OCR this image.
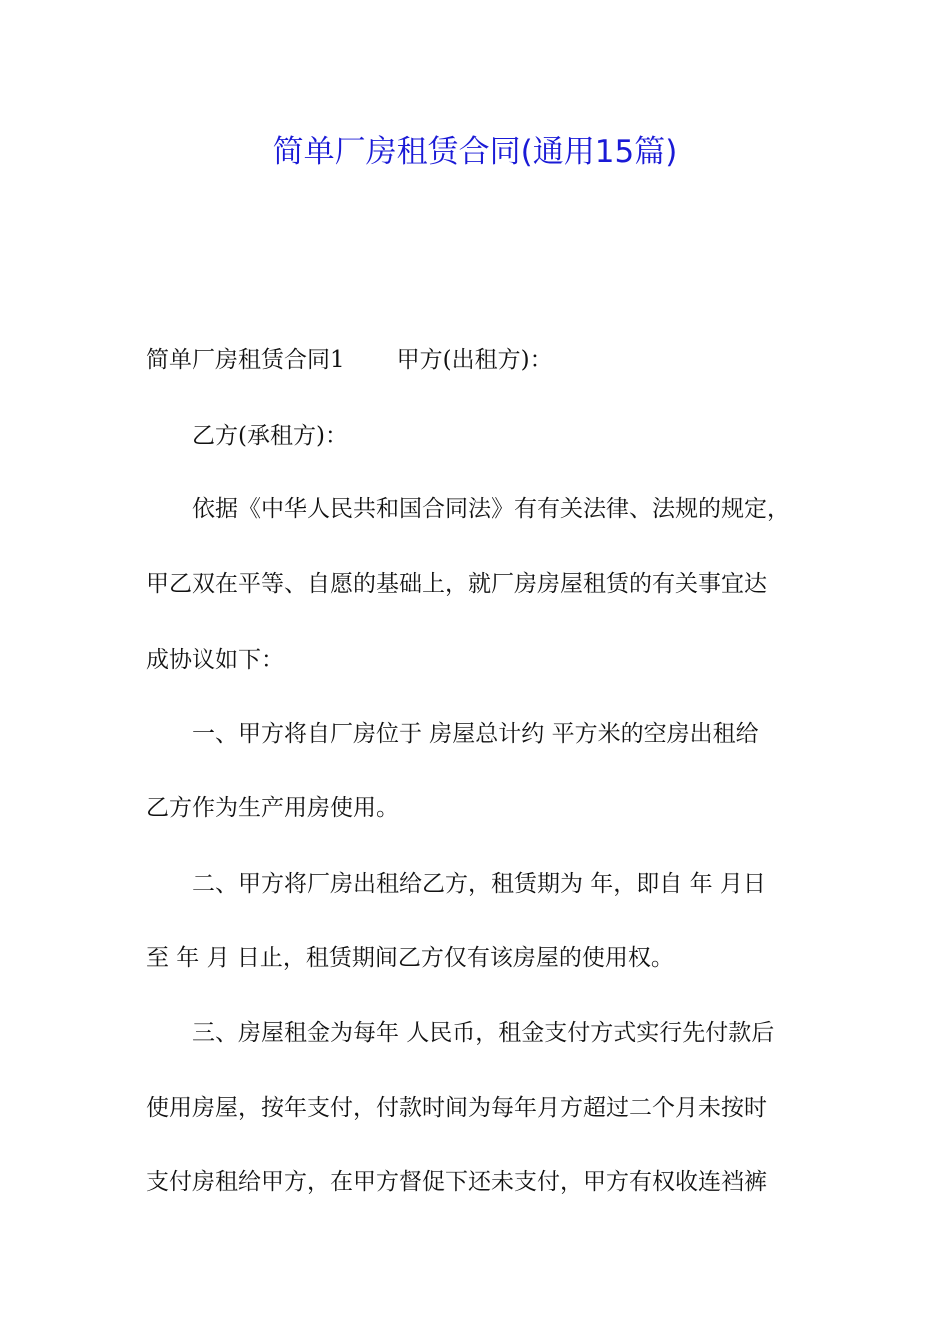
简单厂房租赁合同(通用15篇)
简单厂房租赁合同1 甲方(出租方)：
乙方(承租方)：
依据《中华人民共和国合同法》有有关法律、法规的规定，
甲乙双在平等、自愿的基础上，就厂房房屋租赁的有关事宜达
成协议如下：
一、甲方将自厂房位于 房屋总计约 平方米的空房出租给
乙方作为生产用房使用。
二、甲方将厂房出租给乙方，租赁期为 年，即自 年 月日
至 年 月 日止，租赁期间乙方仅有该房屋的使用权。
三、房屋租金为每年 人民币，租金支付方式实行先付款后
使用房屋，按年支付，付款时间为每年月方超过二个月未按时
支付房租给甲方，在甲方督促下还未支付，甲方有权收连裆裤
